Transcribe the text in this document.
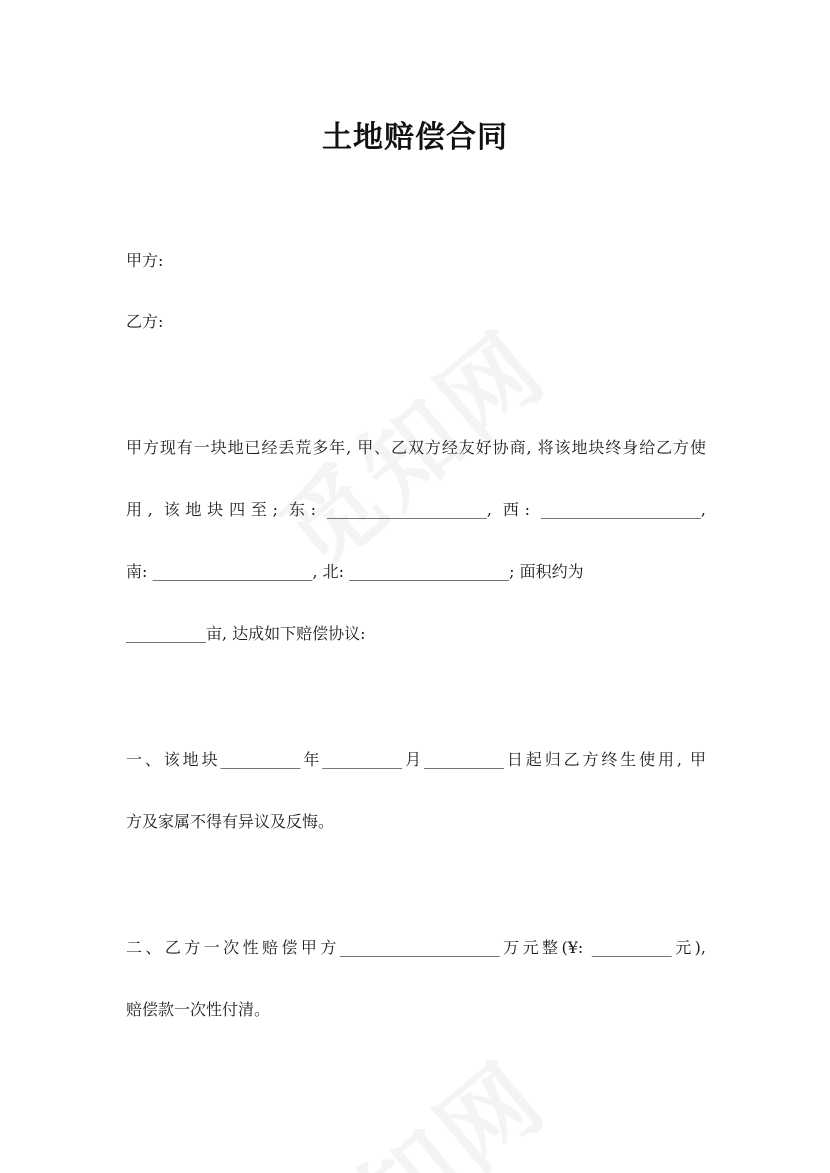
土地赔偿合同
甲方:
乙方:
甲方现有一块地已经丢荒多年, 甲、乙双方经友好协商, 将该地块终身给乙方使
用, 该地块四至; 东: ____________________, 西: ____________________,
南: ____________________, 北: ____________________; 面积约为
__________亩, 达成如下赔偿协议:
一、该地块__________年__________月__________日起归乙方终生使用, 甲
方及家属不得有异议及反悔。
二、乙方一次性赔偿甲方____________________万元整(¥: __________元),
赔偿款一次性付清。
